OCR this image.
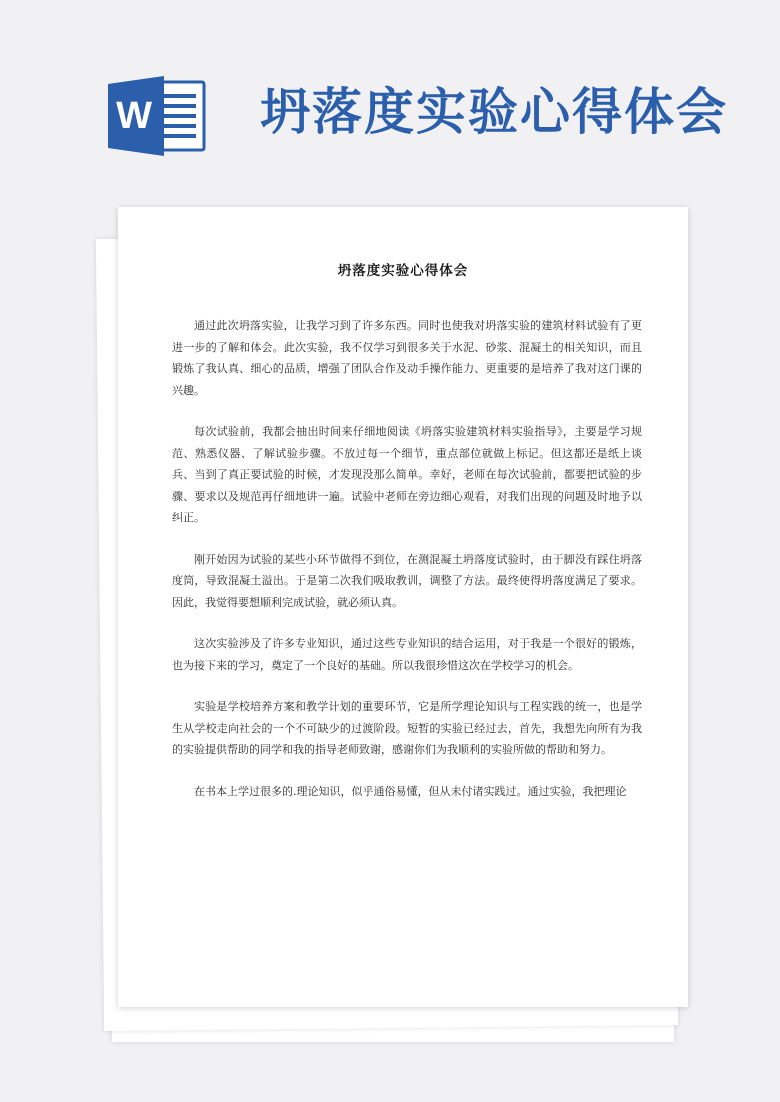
W 坍落度实验心得体会
坍落度实验心得体会

通过此次坍落实验，让我学习到了许多东西。同时也使我对坍落实验的建筑材料试验有了更进一步的了解和体会。此次实验，我不仅学习到很多关于水泥、砂浆、混凝土的相关知识，而且锻炼了我认真、细心的品质，增强了团队合作及动手操作能力、更重要的是培养了我对这门课的兴趣。

每次试验前，我都会抽出时间来仔细地阅读《坍落实验建筑材料实验指导》，主要是学习规范、熟悉仪器、了解试验步骤。不放过每一个细节，重点部位就做上标记。但这都还是纸上谈兵、当到了真正要试验的时候，才发现没那么简单。幸好，老师在每次试验前，都要把试验的步骤、要求以及规范再仔细地讲一遍。试验中老师在旁边细心观看，对我们出现的问题及时地予以纠正。

刚开始因为试验的某些小环节做得不到位，在测混凝土坍落度试验时，由于脚没有踩住坍落度筒，导致混凝土溢出。于是第二次我们吸取教训，调整了方法。最终使得坍落度满足了要求。因此，我觉得要想顺利完成试验，就必须认真。

这次实验涉及了许多专业知识，通过这些专业知识的结合运用，对于我是一个很好的锻炼，也为接下来的学习，奠定了一个良好的基础。所以我很珍惜这次在学校学习的机会。

实验是学校培养方案和教学计划的重要环节，它是所学理论知识与工程实践的统一，也是学生从学校走向社会的一个不可缺少的过渡阶段。短暂的实验已经过去，首先，我想先向所有为我的实验提供帮助的同学和我的指导老师致谢，感谢你们为我顺利的实验所做的帮助和努力。

在书本上学过很多的.理论知识，似乎通俗易懂，但从未付诸实践过。通过实验，我把理论
